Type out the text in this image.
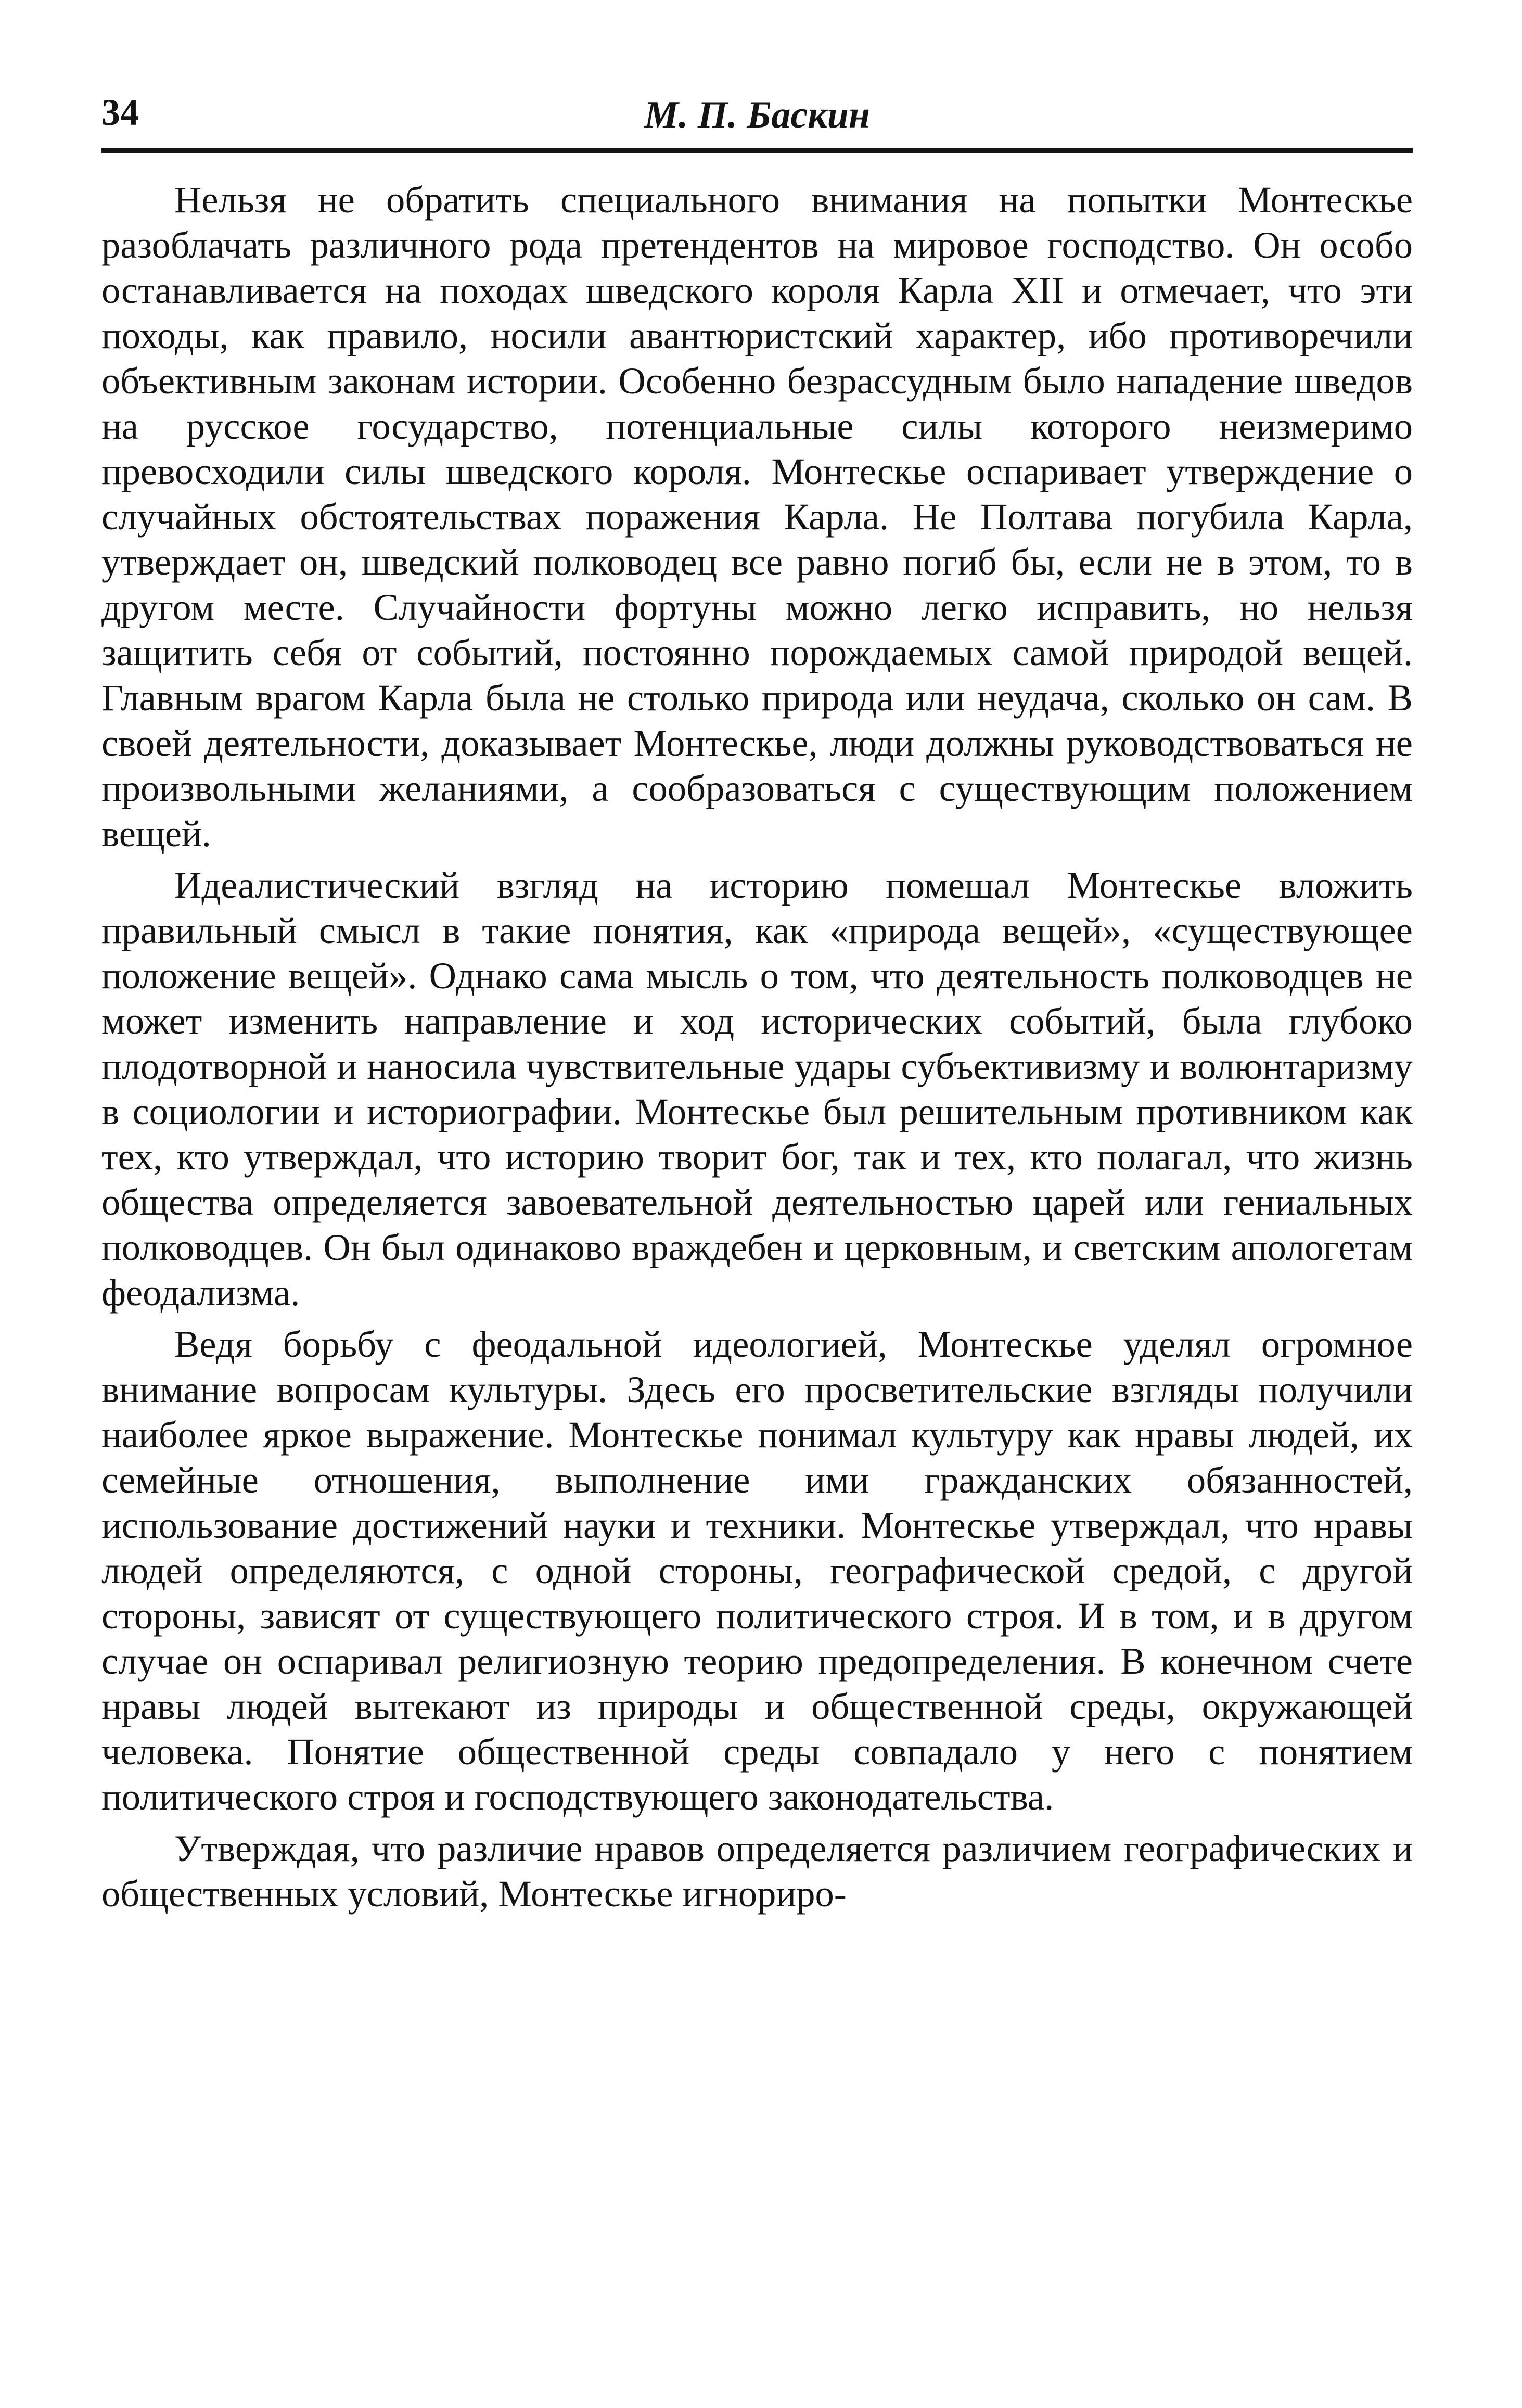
34	М. П. Баскин

Нельзя не обратить специального внимания на попытки Монтескье разоблачать различного рода претендентов на мировое господство. Он особо останавливается на походах шведского короля Карла XII и отмечает, что эти походы, как правило, носили авантюристский характер, ибо противоречили объективным законам истории. Особенно безрассудным было нападение шведов на русское государство, потенциальные силы которого неизмеримо превосходили силы шведского короля. Монтескье оспаривает утверждение о случайных обстоятельствах поражения Карла. Не Полтава погубила Карла, утверждает он, шведский полководец все равно погиб бы, если не в этом, то в другом месте. Случайности фортуны можно легко исправить, но нельзя защитить себя от событий, постоянно порождаемых самой природой вещей. Главным врагом Карла была не столько природа или неудача, сколько он сам. В своей деятельности, доказывает Монтескье, люди должны руководствоваться не произвольными желаниями, а сообразоваться с существующим положением вещей.

Идеалистический взгляд на историю помешал Монтескье вложить правильный смысл в такие понятия, как «природа вещей», «существующее положение вещей». Однако сама мысль о том, что деятельность полководцев не может изменить направление и ход исторических событий, была глубоко плодотворной и наносила чувствительные удары субъективизму и волюнтаризму в социологии и историографии. Монтескье был решительным противником как тех, кто утверждал, что историю творит бог, так и тех, кто полагал, что жизнь общества определяется завоевательной деятельностью царей или гениальных полководцев. Он был одинаково враждебен и церковным, и светским апологетам феодализма.

Ведя борьбу с феодальной идеологией, Монтескье уделял огромное внимание вопросам культуры. Здесь его просветительские взгляды получили наиболее яркое выражение. Монтескье понимал культуру как нравы людей, их семейные отношения, выполнение ими гражданских обязанностей, использование достижений науки и техники. Монтескье утверждал, что нравы людей определяются, с одной стороны, географической средой, с другой стороны, зависят от существующего политического строя. И в том, и в другом случае он оспаривал религиозную теорию предопределения. В конечном счете нравы людей вытекают из природы и общественной среды, окружающей человека. Понятие общественной среды совпадало у него с понятием политического строя и господствующего законодательства.

Утверждая, что различие нравов определяется различием географических и общественных условий, Монтескье игнориро-
